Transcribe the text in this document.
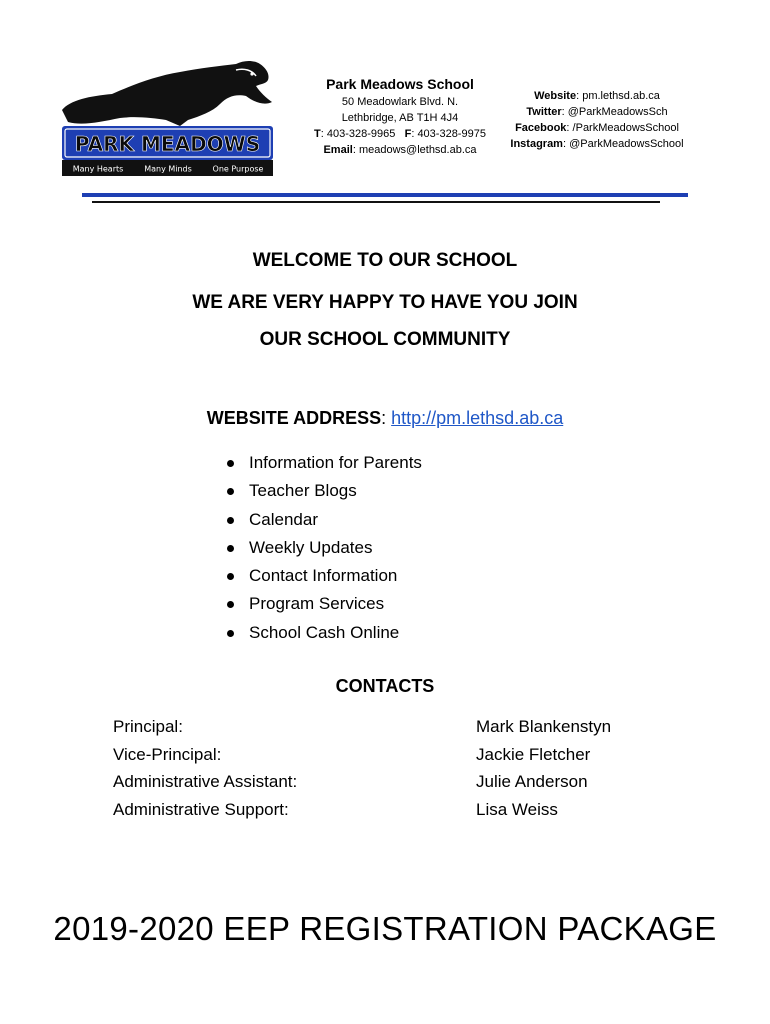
PARK MEADOWS
Many Hearts	Many Minds	One Purpose
Park Meadows School
50 Meadowlark Blvd. N.
Lethbridge, AB T1H 4J4
T: 403-328-9965 F: 403-328-9975
Email: meadows@lethsd.ab.ca
Website: pm.lethsd.ab.ca
Twitter: @ParkMeadowsSch
Facebook: /ParkMeadowsSchool
Instagram: @ParkMeadowsSchool
WELCOME TO OUR SCHOOL
WE ARE VERY HAPPY TO HAVE YOU JOIN
OUR SCHOOL COMMUNITY
WEBSITE ADDRESS: http://pm.lethsd.ab.ca
Information for Parents
Teacher Blogs
Calendar
Weekly Updates
Contact Information
Program Services
School Cash Online
CONTACTS
Principal:	Mark Blankenstyn
Vice-Principal:	Jackie Fletcher
Administrative Assistant:	Julie Anderson
Administrative Support:	Lisa Weiss
2019-2020 EEP REGISTRATION PACKAGE
